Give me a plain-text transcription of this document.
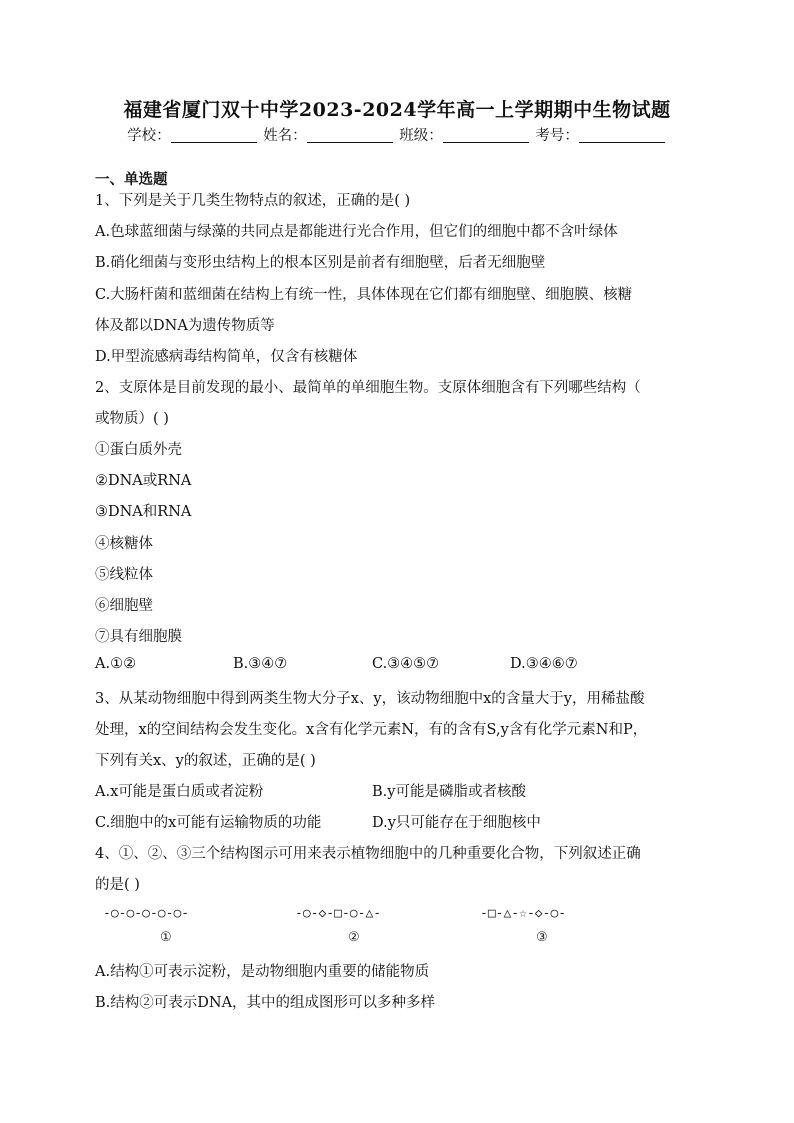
福建省厦门双十中学2023-2024学年高一上学期期中生物试题
学校：	姓名：	班级：	考号：
一、单选题
1、下列是关于几类生物特点的叙述，正确的是( )
A.色球蓝细菌与绿藻的共同点是都能进行光合作用，但它们的细胞中都不含叶绿体
B.硝化细菌与变形虫结构上的根本区别是前者有细胞壁，后者无细胞壁
C.大肠杆菌和蓝细菌在结构上有统一性，具体体现在它们都有细胞壁、细胞膜、核糖
体及都以DNA为遗传物质等
D.甲型流感病毒结构简单，仅含有核糖体
2、支原体是目前发现的最小、最简单的单细胞生物。支原体细胞含有下列哪些结构（
或物质）( )
①蛋白质外壳
②DNA或RNA
③DNA和RNA
④核糖体
⑤线粒体
⑥细胞壁
⑦具有细胞膜
A.①②	B.③④⑦	C.③④⑤⑦	D.③④⑥⑦
3、从某动物细胞中得到两类生物大分子x、y，该动物细胞中x的含量大于y，用稀盐酸
处理，x的空间结构会发生变化。x含有化学元素N，有的含有S,y含有化学元素N和P，
下列有关x、y的叙述，正确的是( )
A.x可能是蛋白质或者淀粉	B.y可能是磷脂或者核酸
C.细胞中的x可能有运输物质的功能	D.y只可能存在于细胞核中
4、①、②、③三个结构图示可用来表示植物细胞中的几种重要化合物，下列叙述正确
的是( )
-○-○-○-○-○-
①
-○-◇-□-○-△-
②
-□-△-☆-◇-○-
③
A.结构①可表示淀粉，是动物细胞内重要的储能物质
B.结构②可表示DNA，其中的组成图形可以多种多样
